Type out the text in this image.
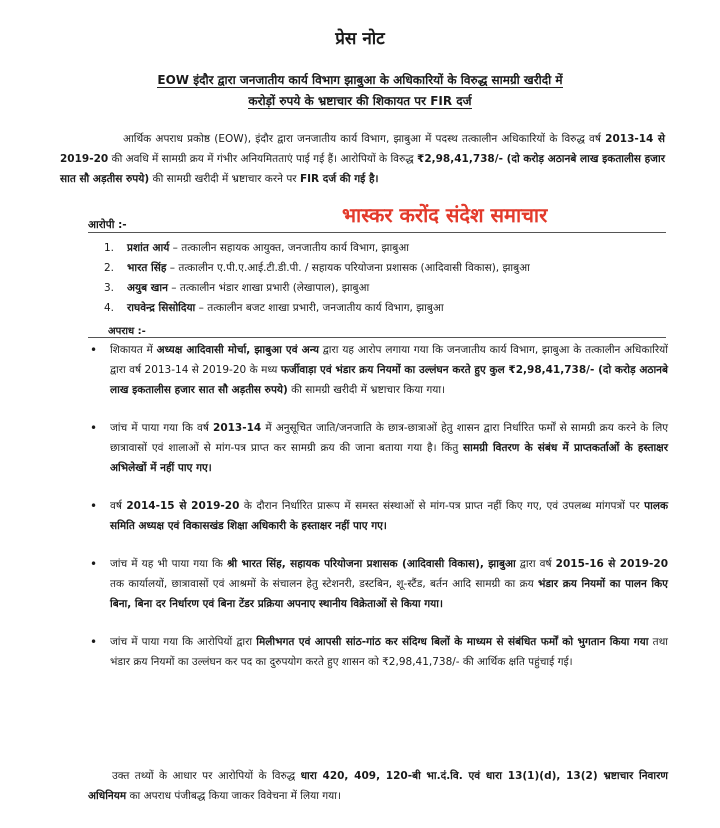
प्रेस नोट
EOW इंदौर द्वारा जनजातीय कार्य विभाग झाबुआ के अधिकारियों के विरुद्ध सामग्री खरीदी में
करोड़ों रुपये के भ्रष्टाचार की शिकायत पर FIR दर्ज
आर्थिक अपराध प्रकोष्ठ (EOW), इंदौर द्वारा जनजातीय कार्य विभाग, झाबुआ में पदस्थ तत्कालीन अधिकारियों के विरुद्ध वर्ष 2013-14 से 2019-20 की अवधि में सामग्री क्रय में गंभीर अनियमितताएं पाई गई हैं। आरोपियों के विरुद्ध ₹2,98,41,738/- (दो करोड़ अठानबे लाख इकतालीस हजार सात सौ अड़तीस रुपये) की सामग्री खरीदी में भ्रष्टाचार करने पर FIR दर्ज की गई है।
भास्कर करोंद संदेश समाचार
आरोपी :-
1.	प्रशांत आर्य – तत्कालीन सहायक आयुक्त, जनजातीय कार्य विभाग, झाबुआ
2.	भारत सिंह – तत्कालीन ए.पी.ए.आई.टी.डी.पी. / सहायक परियोजना प्रशासक (आदिवासी विकास), झाबुआ
3.	अयुब खान – तत्कालीन भंडार शाखा प्रभारी (लेखापाल), झाबुआ
4.	राघवेन्द्र सिसोदिया – तत्कालीन बजट शाखा प्रभारी, जनजातीय कार्य विभाग, झाबुआ
अपराध :-
• शिकायत में अध्यक्ष आदिवासी मोर्चा, झाबुआ एवं अन्य द्वारा यह आरोप लगाया गया कि जनजातीय कार्य विभाग, झाबुआ के तत्कालीन अधिकारियों द्वारा वर्ष 2013-14 से 2019-20 के मध्य फर्जीवाड़ा एवं भंडार क्रय नियमों का उल्लंघन करते हुए कुल ₹2,98,41,738/- (दो करोड़ अठानबे लाख इकतालीस हजार सात सौ अड़तीस रुपये) की सामग्री खरीदी में भ्रष्टाचार किया गया।
• जांच में पाया गया कि वर्ष 2013-14 में अनुसूचित जाति/जनजाति के छात्र-छात्राओं हेतु शासन द्वारा निर्धारित फर्मों से सामग्री क्रय करने के लिए छात्रावासों एवं शालाओं से मांग-पत्र प्राप्त कर सामग्री क्रय की जाना बताया गया है। किंतु सामग्री वितरण के संबंध में प्राप्तकर्ताओं के हस्ताक्षर अभिलेखों में नहीं पाए गए।
• वर्ष 2014-15 से 2019-20 के दौरान निर्धारित प्रारूप में समस्त संस्थाओं से मांग-पत्र प्राप्त नहीं किए गए, एवं उपलब्ध मांगपत्रों पर पालक समिति अध्यक्ष एवं विकासखंड शिक्षा अधिकारी के हस्ताक्षर नहीं पाए गए।
• जांच में यह भी पाया गया कि श्री भारत सिंह, सहायक परियोजना प्रशासक (आदिवासी विकास), झाबुआ द्वारा वर्ष 2015-16 से 2019-20 तक कार्यालयों, छात्रावासों एवं आश्रमों के संचालन हेतु स्टेशनरी, डस्टबिन, शू-स्टैंड, बर्तन आदि सामग्री का क्रय भंडार क्रय नियमों का पालन किए बिना, बिना दर निर्धारण एवं बिना टेंडर प्रक्रिया अपनाए स्थानीय विक्रेताओं से किया गया।
• जांच में पाया गया कि आरोपियों द्वारा मिलीभगत एवं आपसी सांठ-गांठ कर संदिग्ध बिलों के माध्यम से संबंधित फर्मों को भुगतान किया गया तथा भंडार क्रय नियमों का उल्लंघन कर पद का दुरुपयोग करते हुए शासन को ₹2,98,41,738/- की आर्थिक क्षति पहुंचाई गई।
उक्त तथ्यों के आधार पर आरोपियों के विरुद्ध धारा 420, 409, 120-बी भा.दं.वि. एवं धारा 13(1)(d), 13(2) भ्रष्टाचार निवारण अधिनियम का अपराध पंजीबद्ध किया जाकर विवेचना में लिया गया।
